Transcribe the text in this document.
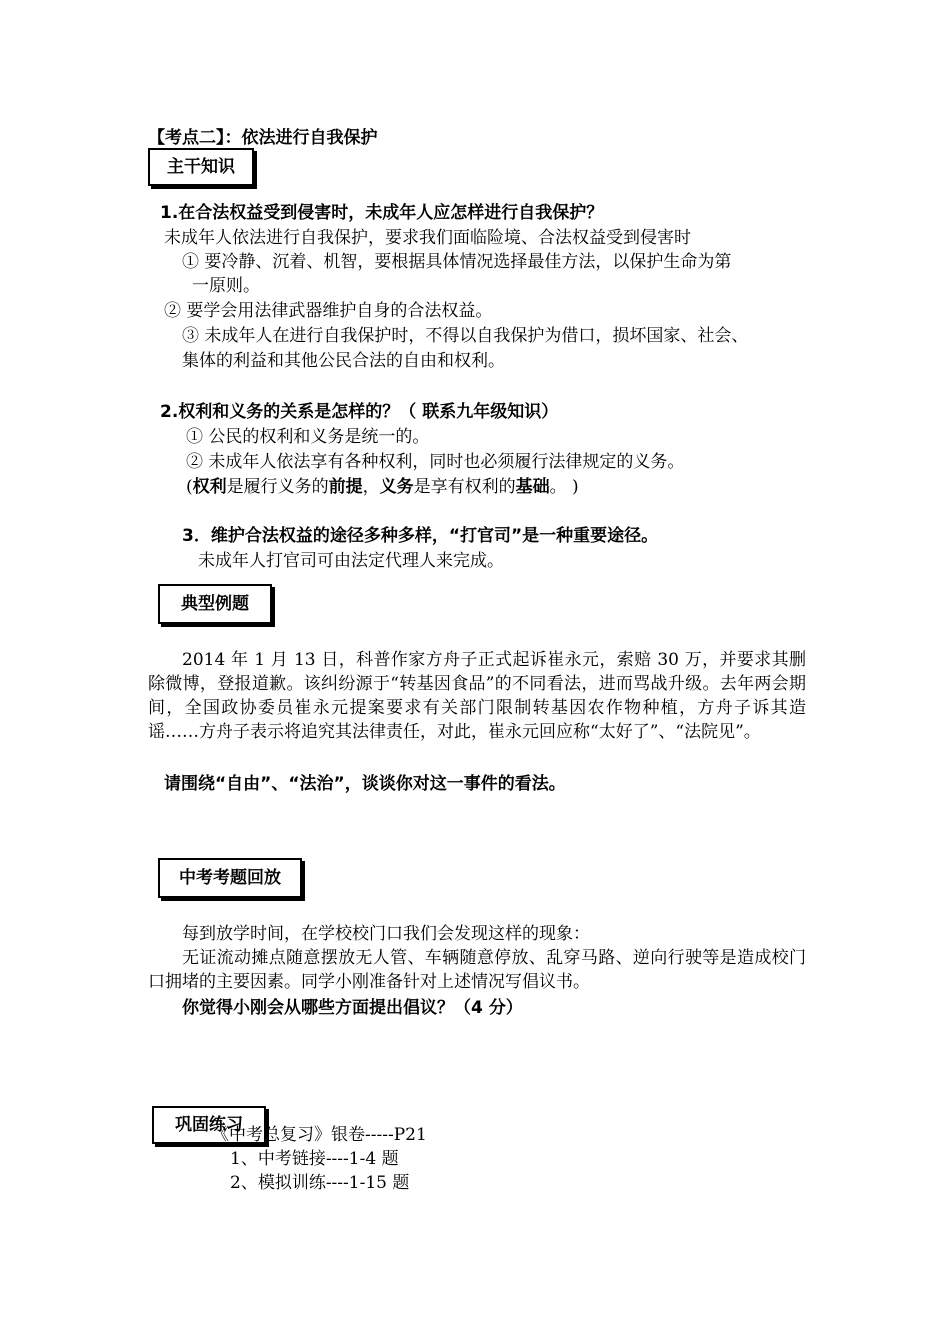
【考点二】：依法进行自我保护
主干知识
1.在合法权益受到侵害时，未成年人应怎样进行自我保护？
未成年人依法进行自我保护，要求我们面临险境、合法权益受到侵害时
① 要冷静、沉着、机智，要根据具体情况选择最佳方法，以保护生命为第
一原则。
② 要学会用法律武器维护自身的合法权益。
③ 未成年人在进行自我保护时，不得以自我保护为借口，损坏国家、社会、
集体的利益和其他公民合法的自由和权利。
2.权利和义务的关系是怎样的？（ 联系九年级知识）
① 公民的权利和义务是统一的。
② 未成年人依法享有各种权利，同时也必须履行法律规定的义务。
(权利是履行义务的前提，义务是享有权利的基础。 )
3．维护合法权益的途径多种多样，“打官司”是一种重要途径。
未成年人打官司可由法定代理人来完成。
典型例题
2014 年 1 月 13 日，科普作家方舟子正式起诉崔永元，索赔 30 万，并要求其删除微博，登报道歉。该纠纷源于“转基因食品”的不同看法，进而骂战升级。去年两会期间，全国政协委员崔永元提案要求有关部门限制转基因农作物种植，方舟子诉其造谣……方舟子表示将追究其法律责任，对此，崔永元回应称“太好了”、“法院见”。
请围绕“自由”、“法治”，谈谈你对这一事件的看法。
中考考题回放
每到放学时间，在学校校门口我们会发现这样的现象：
无证流动摊点随意摆放无人管、车辆随意停放、乱穿马路、逆向行驶等是造成校门口拥堵的主要因素。同学小刚准备针对上述情况写倡议书。
你觉得小刚会从哪些方面提出倡议？（4 分）
《中考总复习》银卷-----P21
1、中考链接----1-4 题
2、模拟训练----1-15 题
巩固练习
